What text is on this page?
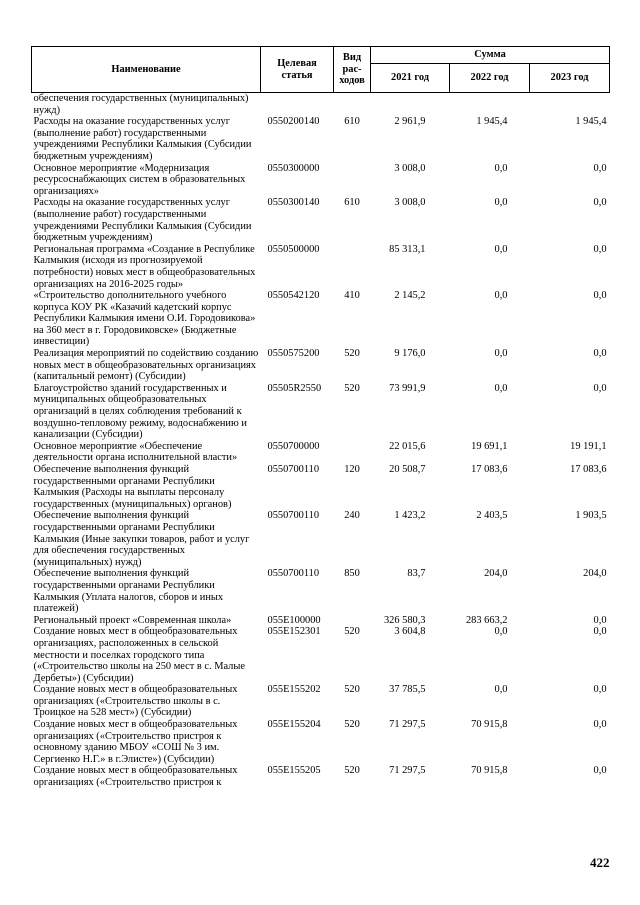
Наименование	Целевая статья	Вид рас-ходов	Сумма		
			2021 год	2022 год	2023 год
обеспечения государственных (муниципальных) нужд)					
Расходы на оказание государственных услуг (выполнение работ) государственными учреждениями Республики Калмыкия (Субсидии бюджетным учреждениям)	0550200140	610	2 961,9	1 945,4	1 945,4
Основное мероприятие «Модернизация ресурсоснабжающих систем в образовательных организациях»	0550300000		3 008,0	0,0	0,0
Расходы на оказание государственных услуг (выполнение работ) государственными учреждениями Республики Калмыкия (Субсидии бюджетным учреждениям)	0550300140	610	3 008,0	0,0	0,0
Региональная программа «Создание в Республике Калмыкия (исходя из прогнозируемой потребности) новых мест в общеобразовательных организациях на 2016-2025 годы»	0550500000		85 313,1	0,0	0,0
«Строительство дополнительного учебного корпуса КОУ РК «Казачий кадетский корпус Республики Калмыкия имени О.И. Городовикова» на 360 мест в г. Городовиковске» (Бюджетные инвестиции)	0550542120	410	2 145,2	0,0	0,0
Реализация мероприятий по содействию созданию новых мест в общеобразовательных организациях (капитальный ремонт) (Субсидии)	0550575200	520	9 176,0	0,0	0,0
Благоустройство зданий государственных и муниципальных общеобразовательных организаций в целях соблюдения требований к воздушно-тепловому режиму, водоснабжению и канализации (Субсидии)	05505R2550	520	73 991,9	0,0	0,0
Основное мероприятие «Обеспечение деятельности органа исполнительной власти»	0550700000		22 015,6	19 691,1	19 191,1
Обеспечение выполнения функций государственными органами Республики Калмыкия (Расходы на выплаты персоналу государственных (муниципальных) органов)	0550700110	120	20 508,7	17 083,6	17 083,6
Обеспечение выполнения функций государственными органами Республики Калмыкия (Иные закупки товаров, работ и услуг для обеспечения государственных (муниципальных) нужд)	0550700110	240	1 423,2	2 403,5	1 903,5
Обеспечение выполнения функций государственными органами Республики Калмыкия (Уплата налогов, сборов и иных платежей)	0550700110	850	83,7	204,0	204,0
Региональный проект «Современная школа»	055E100000		326 580,3	283 663,2	0,0
Создание новых мест в общеобразовательных организациях, расположенных в сельской местности и поселках городского типа («Строительство школы на 250 мест в с. Малые Дербеты») (Субсидии)	055E152301	520	3 604,8	0,0	0,0
Создание новых мест в общеобразовательных организациях («Строительство школы в с. Троицкое на 528 мест») (Субсидии)	055E155202	520	37 785,5	0,0	0,0
Создание новых мест в общеобразовательных организациях («Строительство пристроя к основному зданию МБОУ «СОШ № 3 им. Сергиенко Н.Г.» в г.Элисте») (Субсидии)	055E155204	520	71 297,5	70 915,8	0,0
Создание новых мест в общеобразовательных организациях («Строительство пристроя к	055E155205	520	71 297,5	70 915,8	0,0
422
